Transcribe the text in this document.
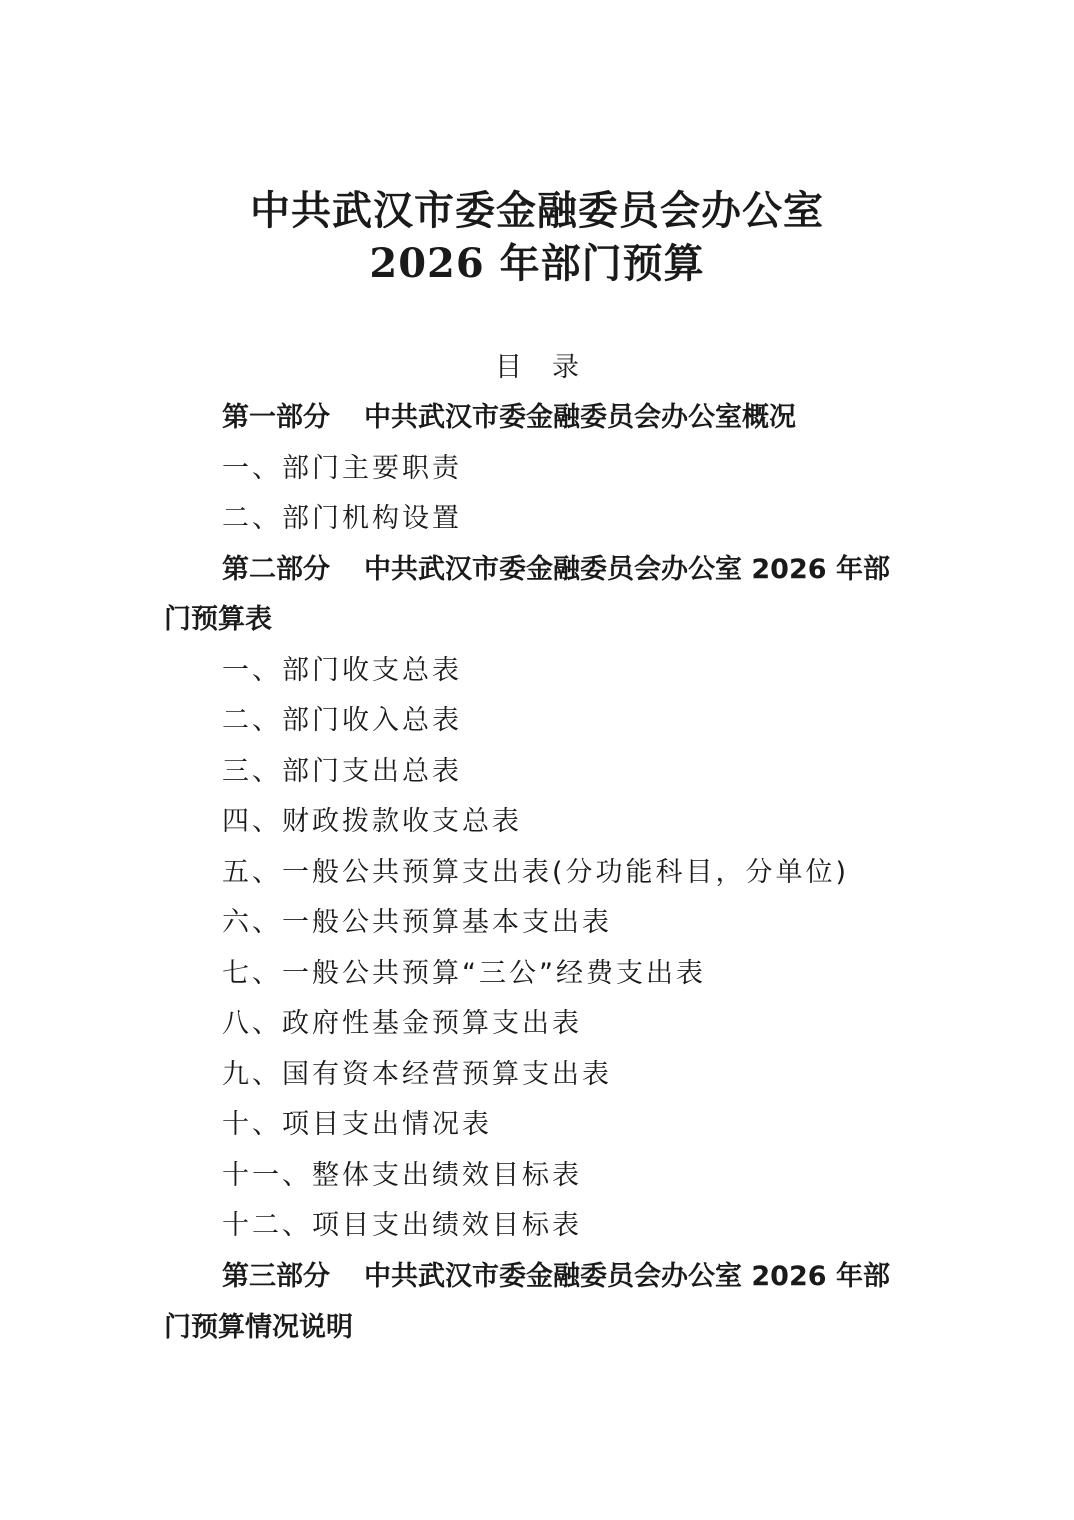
中共武汉市委金融委员会办公室
2026 年部门预算
目 录
第一部分 中共武汉市委金融委员会办公室概况
一、部门主要职责
二、部门机构设置
第二部分 中共武汉市委金融委员会办公室 2026 年部
门预算表
一、部门收支总表
二、部门收入总表
三、部门支出总表
四、财政拨款收支总表
五、一般公共预算支出表(分功能科目，分单位)
六、一般公共预算基本支出表
七、一般公共预算“三公”经费支出表
八、政府性基金预算支出表
九、国有资本经营预算支出表
十、项目支出情况表
十一、整体支出绩效目标表
十二、项目支出绩效目标表
第三部分 中共武汉市委金融委员会办公室 2026 年部
门预算情况说明
